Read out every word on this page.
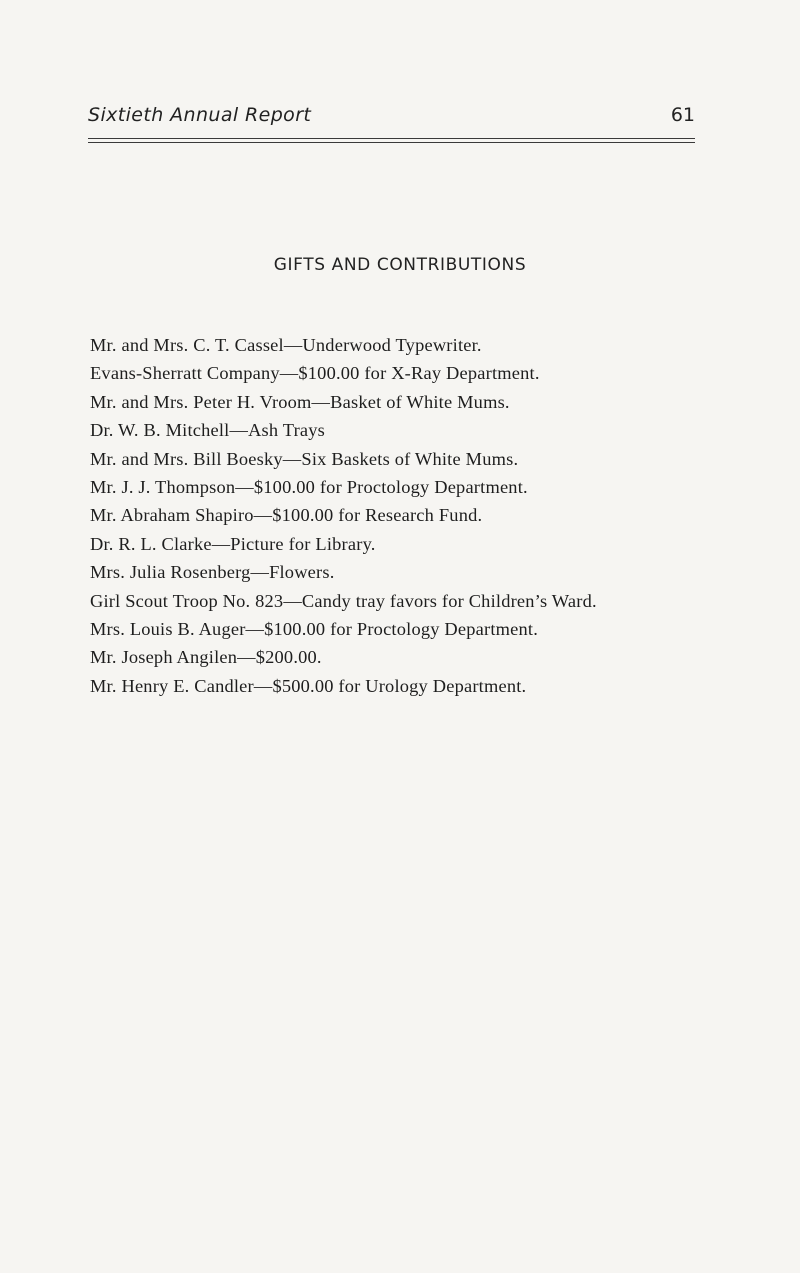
Sixtieth Annual Report	61
GIFTS AND CONTRIBUTIONS
Mr. and Mrs. C. T. Cassel—Underwood Typewriter.
Evans-Sherratt Company—$100.00 for X-Ray Department.
Mr. and Mrs. Peter H. Vroom—Basket of White Mums.
Dr. W. B. Mitchell—Ash Trays
Mr. and Mrs. Bill Boesky—Six Baskets of White Mums.
Mr. J. J. Thompson—$100.00 for Proctology Department.
Mr. Abraham Shapiro—$100.00 for Research Fund.
Dr. R. L. Clarke—Picture for Library.
Mrs. Julia Rosenberg—Flowers.
Girl Scout Troop No. 823—Candy tray favors for Children’s Ward.
Mrs. Louis B. Auger—$100.00 for Proctology Department.
Mr. Joseph Angilen—$200.00.
Mr. Henry E. Candler—$500.00 for Urology Department.
